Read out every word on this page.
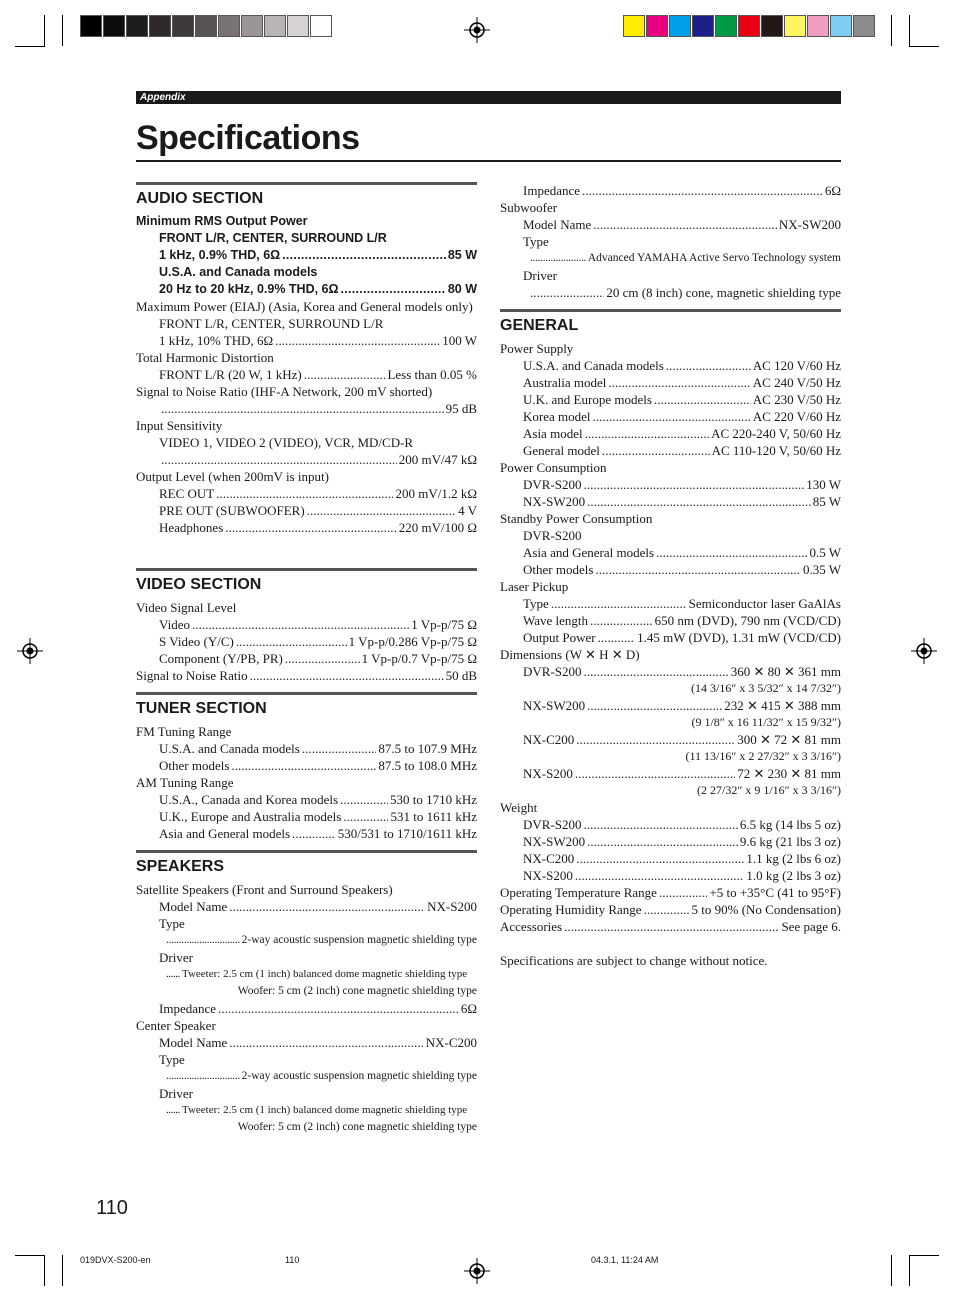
Appendix
Specifications
AUDIO SECTION
Minimum RMS Output Power
FRONT L/R, CENTER, SURROUND L/R
1 kHz, 0.9% THD, 6Ω . . .	85 W
U.S.A. and Canada models
20 Hz to 20 kHz, 0.9% THD, 6Ω . . .	80 W
Maximum Power (EIAJ) (Asia, Korea and General models only)
FRONT L/R, CENTER, SURROUND L/R
1 kHz, 10% THD, 6Ω . . .	100 W
Total Harmonic Distortion
FRONT L/R (20 W, 1 kHz) . . .	Less than 0.05 %
Signal to Noise Ratio (IHF-A Network, 200 mV shorted)
. . .
95 dB
Input Sensitivity
VIDEO 1, VIDEO 2 (VIDEO), VCR, MD/CD-R
. . .
200 mV/47 kΩ
Output Level (when 200mV is input)
REC OUT . . .	200 mV/1.2 kΩ
PRE OUT (SUBWOOFER) . . .	4 V
Headphones . . .	220 mV/100 Ω
VIDEO SECTION
Video Signal Level
Video . . .	1 Vp-p/75 Ω
S Video (Y/C) . . .	1 Vp-p/0.286 Vp-p/75 Ω
Component (Y/PB, PR) . . .	1 Vp-p/0.7 Vp-p/75 Ω
Signal to Noise Ratio . . .	50 dB
TUNER SECTION
FM Tuning Range
U.S.A. and Canada models . . .	87.5 to 107.9 MHz
Other models . . .	87.5 to 108.0 MHz
AM Tuning Range
U.S.A., Canada and Korea models . . .	530 to 1710 kHz
U.K., Europe and Australia models . . .	531 to 1611 kHz
Asia and General models . . .	530/531 to 1710/1611 kHz
SPEAKERS
Satellite Speakers (Front and Surround Speakers)
Model Name . . .	NX-S200
Type
. . .
2-way acoustic suspension magnetic shielding type
Driver
. . .
Tweeter: 2.5 cm (1 inch) balanced dome magnetic shielding type
Woofer: 5 cm (2 inch) cone magnetic shielding type
Impedance . . .	6Ω
Center Speaker
Model Name . . .	NX-C200
Type
. . .
2-way acoustic suspension magnetic shielding type
Driver
. . .
Tweeter: 2.5 cm (1 inch) balanced dome magnetic shielding type
Woofer: 5 cm (2 inch) cone magnetic shielding type
Impedance . . .	6Ω
Subwoofer
Model Name . . .	NX-SW200
Type
. . .
Advanced YAMAHA Active Servo Technology system
Driver
. . .
20 cm (8 inch) cone, magnetic shielding type
GENERAL
Power Supply
U.S.A. and Canada models . . .	AC 120 V/60 Hz
Australia model . . .	AC 240 V/50 Hz
U.K. and Europe models . . .	AC 230 V/50 Hz
Korea model . . .	AC 220 V/60 Hz
Asia model . . .	AC 220-240 V, 50/60 Hz
General model . . .	AC 110-120 V, 50/60 Hz
Power Consumption
DVR-S200 . . .	130 W
NX-SW200 . . .	85 W
Standby Power Consumption
DVR-S200
Asia and General models . . .	0.5 W
Other models . . .	0.35 W
Laser Pickup
Type . . .	Semiconductor laser GaAlAs
Wave length . . .	650 nm (DVD), 790 nm (VCD/CD)
Output Power . . .	1.45 mW (DVD), 1.31 mW (VCD/CD)
Dimensions (W ✕ H ✕ D)
DVR-S200 . . .	360 ✕ 80 ✕ 361 mm
(14 3/16″ x 3 5/32″ x 14 7/32″)
NX-SW200 . . .	232 ✕ 415 ✕ 388 mm
(9 1/8″ x 16 11/32″ x 15 9/32″)
NX-C200 . . .	300 ✕ 72 ✕ 81 mm
(11 13/16″ x 2 27/32″ x 3 3/16″)
NX-S200 . . .	72 ✕ 230 ✕ 81 mm
(2 27/32″ x 9 1/16″ x 3 3/16″)
Weight
DVR-S200 . . .	6.5 kg (14 lbs 5 oz)
NX-SW200 . . .	9.6 kg (21 lbs 3 oz)
NX-C200 . . .	1.1 kg (2 lbs 6 oz)
NX-S200 . . .	1.0 kg (2 lbs 3 oz)
Operating Temperature Range . . .	+5 to +35°C (41 to 95°F)
Operating Humidity Range . . .	5 to 90% (No Condensation)
Accessories . . .	See page 6.
Specifications are subject to change without notice.
110
019DVX-S200-en	110	04.3.1, 11:24 AM
